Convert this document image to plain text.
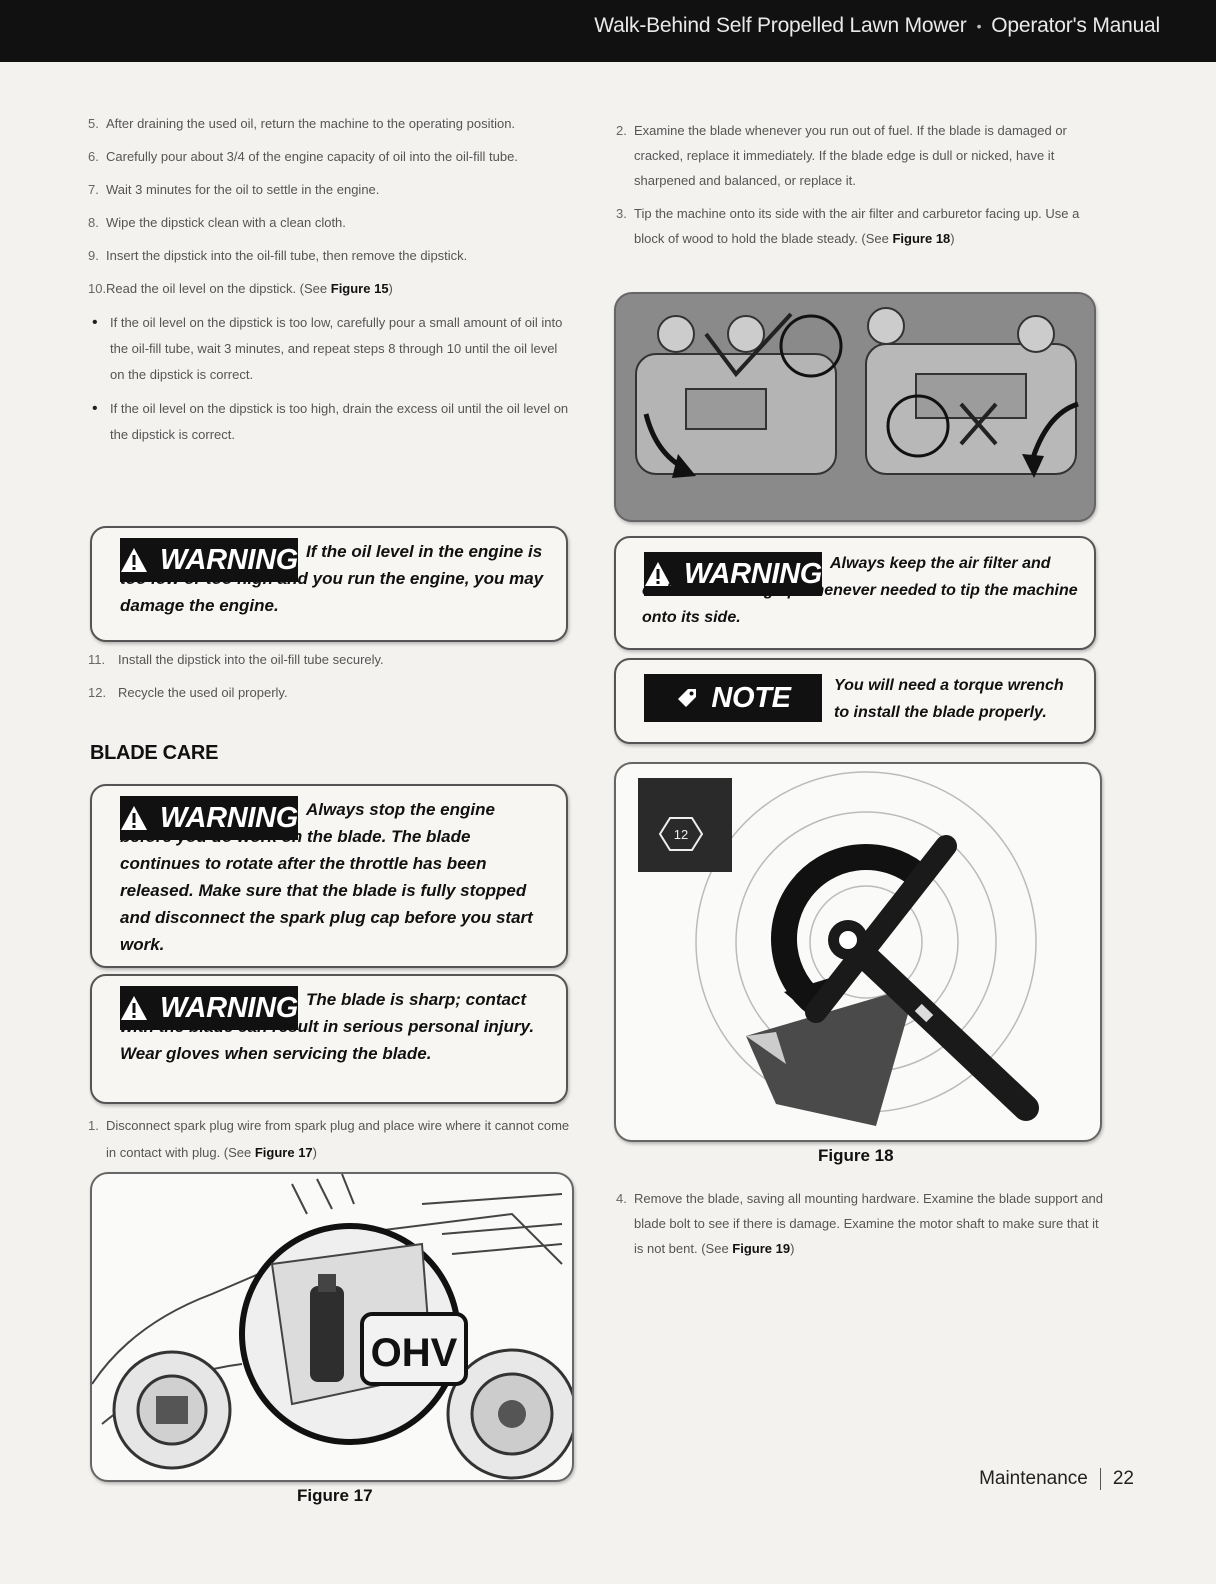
Walk-Behind Self Propelled Lawn Mower • Operator's Manual

5. After draining the used oil, return the machine to the operating position.

6. Carefully pour about 3/4 of the engine capacity of oil into the oil-fill tube.

7. Wait 3 minutes for the oil to settle in the engine.

8. Wipe the dipstick clean with a clean cloth.

9. Insert the dipstick into the oil-fill tube, then remove the dipstick.

10.Read the oil level on the dipstick. (See Figure 15)

• If the oil level on the dipstick is too low, carefully pour a small amount of oil into the oil-fill tube, wait 3 minutes, and repeat steps 8 through 10 until the oil level on the dipstick is correct.

• If the oil level on the dipstick is too high, drain the excess oil until the oil level on the dipstick is correct.

WARNING If the oil level in the engine is too low or too high and you run the engine, you may damage the engine.

11. Install the dipstick into the oil-fill tube securely.

12. Recycle the used oil properly.

BLADE CARE
WARNING Always stop the engine before you do work on the blade. The blade continues to rotate after the throttle has been released. Make sure that the blade is fully stopped and disconnect the spark plug cap before you start work.
WARNING The blade is sharp; contact with the blade can result in serious personal injury. Wear gloves when servicing the blade.

1. Disconnect spark plug wire from spark plug and place wire where it cannot come in contact with plug. (See Figure 17)

OHV
Figure 17

2. Examine the blade whenever you run out of fuel. If the blade is damaged or cracked, replace it immediately. If the blade edge is dull or nicked, have it sharpened and balanced, or replace it.

3. Tip the machine onto its side with the air filter and carburetor facing up. Use a block of wood to hold the blade steady. (See Figure 18)

WARNING Always keep the air filter and carburetor facing up whenever needed to tip the machine onto its side.
NOTE	You will need a torque wrench to install the blade properly.
12
Figure 18

4. Remove the blade, saving all mounting hardware. Examine the blade support and blade bolt to see if there is damage. Examine the motor shaft to make sure that it is not bent. (See Figure 19)

Maintenance 22
